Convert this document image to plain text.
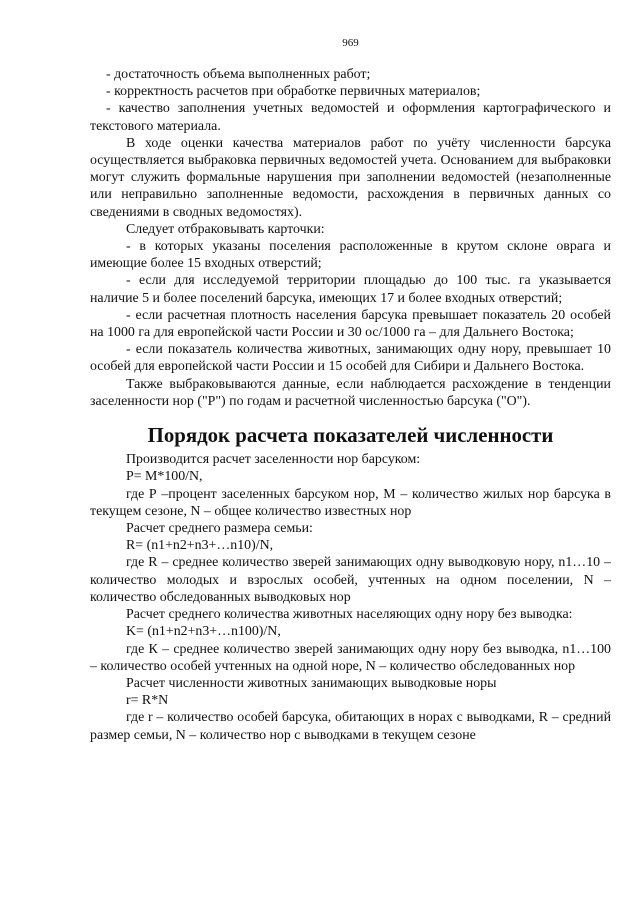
969

- достаточность объема выполненных работ;

- корректность расчетов при обработке первичных материалов;

- качество заполнения учетных ведомостей и оформления картографического и текстового материала.

В ходе оценки качества материалов работ по учёту численности барсука осуществляется выбраковка первичных ведомостей учета. Основанием для выбраковки могут служить формальные нарушения при заполнении ведомостей (незаполненные или неправильно заполненные ведомости, расхождения в первичных данных со сведениями в сводных ведомостях).

Следует отбраковывать карточки:

- в которых указаны поселения расположенные в крутом склоне оврага и имеющие более 15 входных отверстий;

- если для исследуемой территории площадью до 100 тыс. га указывается наличие 5 и более поселений барсука, имеющих 17 и более входных отверстий;

- если расчетная плотность населения барсука превышает показатель 20 особей на 1000 га для европейской части России и 30 ос/1000 га – для Дальнего Востока;

- если показатель количества животных, занимающих одну нору, превышает 10 особей для европейской части России и 15 особей для Сибири и Дальнего Востока.

Также выбраковываются данные, если наблюдается расхождение в тенденции заселенности нор ("Р") по годам и расчетной численностью барсука ("О").

Порядок расчета показателей численности

Производится расчет заселенности нор барсуком:

P= M*100/N,

где Р –процент заселенных барсуком нор, М – количество жилых нор барсука в текущем сезоне, N – общее количество известных нор

Расчет среднего размера семьи:

R= (n1+n2+n3+…n10)/N,

где R – среднее количество зверей занимающих одну выводковую нору, n1…10 – количество молодых и взрослых особей, учтенных на одном поселении, N – количество обследованных выводковых нор

Расчет среднего количества животных населяющих одну нору без выводка:

K= (n1+n2+n3+…n100)/N,

где К – среднее количество зверей занимающих одну нору без выводка, n1…100 – количество особей учтенных на одной норе, N – количество обследованных нор

Расчет численности животных занимающих выводковые норы

r= R*N

где r – количество особей барсука, обитающих в норах с выводками, R – средний размер семьи, N – количество нор с выводками в текущем сезоне
